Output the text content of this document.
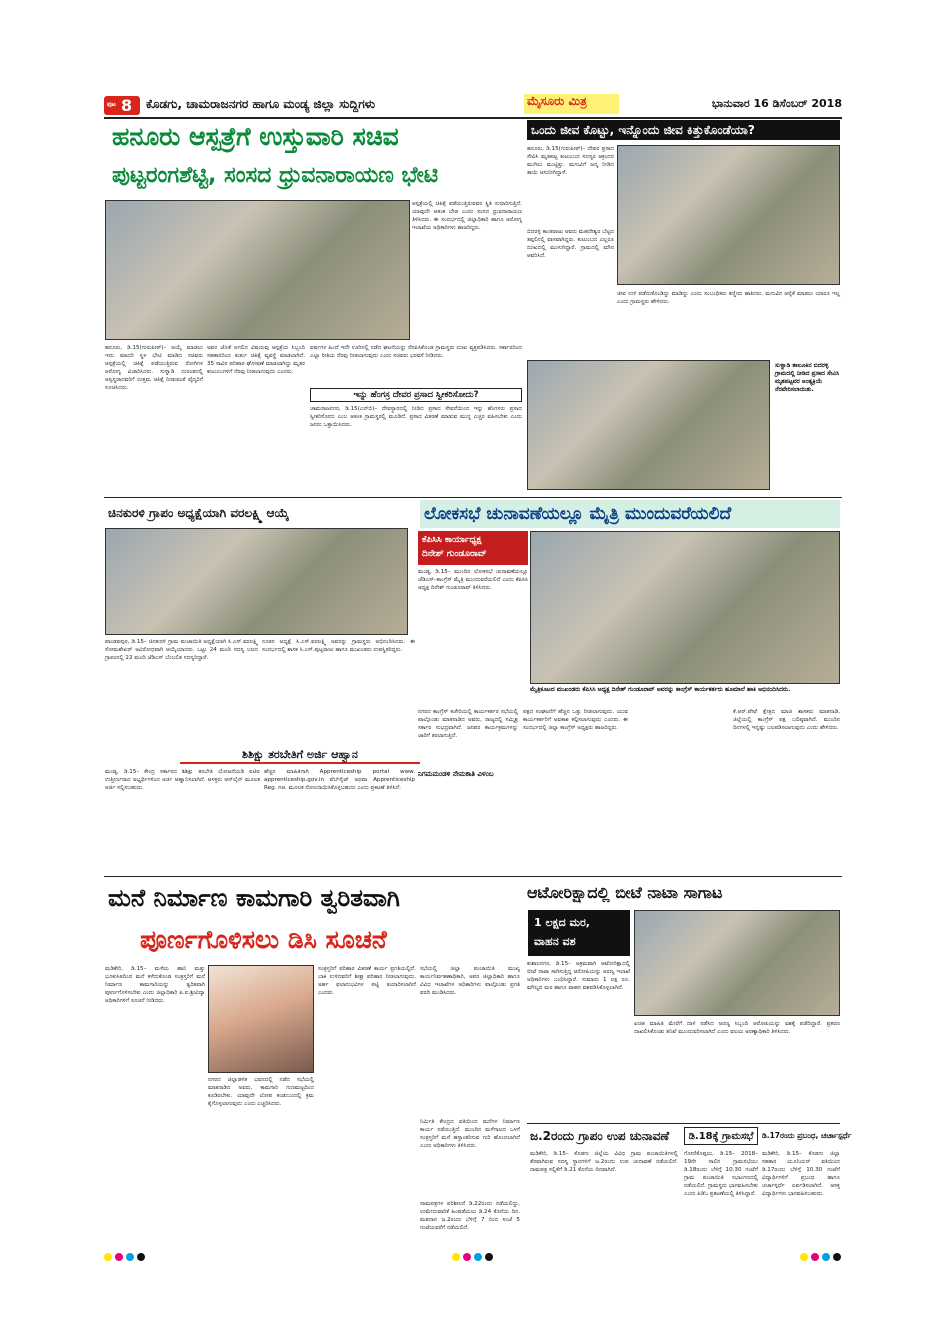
ಪುಟ 8 ಕೊಡಗು, ಚಾಮರಾಜನಗರ ಹಾಗೂ ಮಂಡ್ಯ ಜಿಲ್ಲಾ ಸುದ್ದಿಗಳು	ಮೈಸೂರು ಮಿತ್ರ	ಭಾನುವಾರ 16 ಡಿಸೆಂಬರ್ 2018
ಹನೂರು ಆಸ್ಪತ್ರೆಗೆ ಉಸ್ತುವಾರಿ ಸಚಿವ
ಪುಟ್ಟರಂಗಶೆಟ್ಟಿ, ಸಂಸದ ಧ್ರುವನಾರಾಯಣ ಭೇಟಿ
ಹನೂರು, ಡಿ.15(ಗುರುಪೀಠ್‌)– ಆಯ್ಕೆ ಮಾಡಲು ಇದು ಮಾದರಿ ಸ್ಥಳ ಭೇಟಿ ಮಾಡಿದ ಸಚಿವರು ಆಸ್ಪತ್ರೆಯಲ್ಲಿ ಚಿಕಿತ್ಸೆ ಪಡೆಯುತ್ತಿರುವ ರೋಗಿಗಳ ಆರೋಗ್ಯ ವಿಚಾರಿಸಿದರು. ಸುಳ್ವಾಡಿ ದುರಂತದಲ್ಲಿ ಅಸ್ವಸ್ಥರಾದವರಿಗೆ ಉತ್ತಮ ಚಿಕಿತ್ಸೆ ನೀಡುವಂತೆ ವೈದ್ಯರಿಗೆ ಸೂಚಿಸಿದರು.
ಅವರ ಜೊತೆ ಅಗಲಿದ ವಿಷಯವು ಆಸ್ಪತ್ರೆಯ ಸಿಬ್ಬಂದಿ ಸಹಕಾರದಿಂದ ತುರ್ತು ಚಿಕಿತ್ಸೆ ವ್ಯವಸ್ಥೆ ಮಾಡಲಾಗಿದೆ. 35 ಸಾವಿರ ಪರಿಹಾರ ಘೋಷಣೆ ಮಾಡಲಾಗಿದ್ದು ಮೃತರ ಕುಟುಂಬಗಳಿಗೆ ನೆರವು ನೀಡಲಾಗುವುದು ಎಂದರು.
ಆಸ್ಪತ್ರೆಯಲ್ಲಿ ಚಿಕಿತ್ಸೆ ಪಡೆಯುತ್ತಿರುವವರ ಸ್ಥಿತಿ ಸುಧಾರಿಸುತ್ತಿದೆ. ಯಾವುದೇ ಆತಂಕ ಬೇಡ ಎಂದು ಸಂಸದ ಧ್ರುವನಾರಾಯಣ ತಿಳಿಸಿದರು. ಈ ಸಂದರ್ಭದಲ್ಲಿ ಜಿಲ್ಲಾಧಿಕಾರಿ ಹಾಗೂ ಆರೋಗ್ಯ ಇಲಾಖೆಯ ಅಧಿಕಾರಿಗಳು ಹಾಜರಿದ್ದರು.
ವರ್ಷಗಳ ಹಿಂದೆ ಇದೇ ಊರಿನಲ್ಲಿ ನಡೆದ ಘಟನೆಯನ್ನು ನೆನಪಿಸಿಕೊಂಡ ಗ್ರಾಮಸ್ಥರು ದುಃಖ ವ್ಯಕ್ತಪಡಿಸಿದರು. ಸರ್ಕಾರದಿಂದ ಎಲ್ಲಾ ರೀತಿಯ ನೆರವು ನೀಡಲಾಗುವುದು ಎಂದು ಸಚಿವರು ಭರವಸೆ ನೀಡಿದರು.
ಇನ್ನು ಹೆಂಗಸ್ರ ದೇವರ ಪ್ರಸಾದ ಸ್ವೀಕರಿಸೋದು?
ಚಾಮರಾಜನಗರ, ಡಿ.15(ಎನ್‌ಬಿ)– ದೇವಸ್ಥಾನದಲ್ಲಿ ನೀಡಿದ ಪ್ರಸಾದ ಸೇವನೆಯಿಂದ ಇನ್ನು ಹೆಂಗಸರು ಪ್ರಸಾದ ಸ್ವೀಕರಿಸೋದು ಎಂಬ ಆತಂಕ ಗ್ರಾಮಸ್ಥರಲ್ಲಿ ಮೂಡಿದೆ. ಪ್ರಸಾದ ವಿತರಣೆ ಮಾಡುವ ಮುನ್ನ ಎಚ್ಚರ ವಹಿಸಬೇಕು ಎಂದು ಜನರು ಒತ್ತಾಯಿಸಿದರು.
ಒಂದು ಜೀವ ಕೊಟ್ಟು, ಇನ್ನೊಂದು ಜೀವ ಕಿತ್ತುಕೊಂಡೆಯಾ?
ಹನೂರು, ಡಿ.15(ಗುರುಪೀಠ್‌)– ದೇವರ ಪ್ರಸಾದ ಸೇವಿಸಿ ಮೃತಪಟ್ಟ ಕುಟುಂಬದ ಸದಸ್ಯರ ಆಕ್ರಂದನ ಮುಗಿಲು ಮುಟ್ಟಿತ್ತು. ಮಗುವಿಗೆ ಜನ್ಮ ನೀಡಿದ ತಾಯಿ ಅಸುನೀಗಿದ್ದಾಳೆ.
ಬಿದರಳ್ಳಿ ಕಾಂತರಾಜು ಅವರು ಮಹದೇಶ್ವರ ಬೆಟ್ಟದ ತಪ್ಪಲಿನಲ್ಲಿ ವಾಸವಾಗಿದ್ದರು. ಕುಟುಂಬದ ಎಲ್ಲರೂ ದುಃಖದಲ್ಲಿ ಮುಳುಗಿದ್ದಾರೆ. ಗ್ರಾಮದಲ್ಲಿ ಮೌನ ಆವರಿಸಿದೆ.
ಜೀವ ಉಳಿ ಪಡೆದುಕೊಂಡಿದ್ದು ಮಾಡಿದ್ದು ಎಂದು ಸಂಬಂಧಿಕರು ಕಣ್ಣೀರು ಹಾಕಿದರು. ಮಗುವಿನ ಆರೈಕೆ ಮಾಡಲು ಯಾರೂ ಇಲ್ಲ ಎಂದು ಗ್ರಾಮಸ್ಥರು ಹೇಳಿದರು.
ಸುಳ್ವಾಡಿ ತಾಲೂಕಿನ ಬಿದರಳ್ಳಿ ಗ್ರಾಮದಲ್ಲಿ ನೀಡಿದ ಪ್ರಸಾದ ಸೇವಿಸಿ ಮೃತಪಟ್ಟವರ ಅಂತ್ಯಕ್ರಿಯೆ ನೆರವೇರಿಸಲಾಯಿತು.
ಚಿನಕುರಳಿ ಗ್ರಾಪಂ ಅಧ್ಯಕ್ಷೆಯಾಗಿ ವರಲಕ್ಷ್ಮಿ ಆಯ್ಕೆ
ಪಾಂಡವಪುರ, ಡಿ.15– ಚಿನಕುರಳಿ ಗ್ರಾಮ ಪಂಚಾಯಿತಿ ಅಧ್ಯಕ್ಷೆಯಾಗಿ ಸಿ.ಎಸ್.ವರಲಕ್ಷ್ಮಿ ಸೋಮಶೇಖರ್ ಅವಿರೋಧವಾಗಿ ಆಯ್ಕೆಯಾದರು. ಒಟ್ಟು 24 ಮಂದಿ ಸದಸ್ಯ ಬಲದ ಗ್ರಾಪಂನಲ್ಲಿ 22 ಮಂದಿ ಜೆಡಿಎಸ್ ಬೆಂಬಲಿತ ಸದಸ್ಯರಿದ್ದಾರೆ.
ನೂತನ ಅಧ್ಯಕ್ಷೆ ಸಿ.ಎಸ್.ವರಲಕ್ಷ್ಮಿ ಅವರನ್ನು ಗ್ರಾಮಸ್ಥರು ಅಭಿನಂದಿಸಿದರು. ಈ ಸಂದರ್ಭದಲ್ಲಿ ಶಾಸಕ ಸಿ.ಎಸ್.ಪುಟ್ಟರಾಜು ಹಾಗೂ ಮುಖಂಡರು ಉಪಸ್ಥಿತರಿದ್ದರು.
ಲೋಕಸಭೆ ಚುನಾವಣೆಯಲ್ಲೂ ಮೈತ್ರಿ ಮುಂದುವರೆಯಲಿದೆ
ಕೆಪಿಸಿಸಿ ಕಾರ್ಯಾಧ್ಯಕ್ಷ
ದಿನೇಶ್ ಗುಂಡೂರಾವ್
ಮಂಡ್ಯ, ಡಿ.15– ಮುಂದಿನ ಲೋಕಸಭೆ ಚುನಾವಣೆಯಲ್ಲೂ ಜೆಡಿಎಸ್–ಕಾಂಗ್ರೆಸ್ ಮೈತ್ರಿ ಮುಂದುವರೆಯಲಿದೆ ಎಂದು ಕೆಪಿಸಿಸಿ ಅಧ್ಯಕ್ಷ ದಿನೇಶ್ ಗುಂಡೂರಾವ್ ತಿಳಿಸಿದರು.
ಮೈತ್ರಿಕೂಟದ ಮುಖಂಡರು ಕೆಪಿಸಿಸಿ ಅಧ್ಯಕ್ಷ ದಿನೇಶ್ ಗುಂಡೂರಾವ್ ಅವರನ್ನು ಕಾಂಗ್ರೆಸ್ ಕಾರ್ಯಕರ್ತರು ಹೂಮಾಲೆ ಹಾಕಿ ಅಭಿನಂದಿಸಿದರು.
ನಗರದ ಕಾಂಗ್ರೆಸ್ ಕಚೇರಿಯಲ್ಲಿ ಕಾರ್ಯಕರ್ತರ ಸಭೆಯಲ್ಲಿ ಪಾಲ್ಗೊಂಡು ಮಾತನಾಡಿದ ಅವರು, ರಾಜ್ಯದಲ್ಲಿ ಸಮ್ಮಿಶ್ರ ಸರ್ಕಾರ ಸುಭದ್ರವಾಗಿದೆ. ಜನಪರ ಕಾರ್ಯಕ್ರಮಗಳನ್ನು ಜಾರಿಗೆ ತರಲಾಗುತ್ತಿದೆ.
ನಿಗಮಮಂಡಳಿ ನೇಮಕಾತಿ ವಿಳಂಬ
ಪಕ್ಷದ ಸಂಘಟನೆಗೆ ಹೆಚ್ಚಿನ ಒತ್ತು ನೀಡಲಾಗುವುದು. ಯುವ ಕಾರ್ಯಕರ್ತರಿಗೆ ಅವಕಾಶ ಕಲ್ಪಿಸಲಾಗುವುದು ಎಂದರು. ಈ ಸಂದರ್ಭದಲ್ಲಿ ಜಿಲ್ಲಾ ಕಾಂಗ್ರೆಸ್ ಅಧ್ಯಕ್ಷರು ಹಾಜರಿದ್ದರು.
ಕೆ.ಆರ್.ಪೇಟೆ ಕ್ಷೇತ್ರದ ಮಾಜಿ ಶಾಸಕರು ಮಾತನಾಡಿ, ಜಿಲ್ಲೆಯಲ್ಲಿ ಕಾಂಗ್ರೆಸ್ ಪಕ್ಷ ಬಲಿಷ್ಠವಾಗಿದೆ. ಮುಂದಿನ ದಿನಗಳಲ್ಲಿ ಇನ್ನಷ್ಟು ಬಲಪಡಿಸಲಾಗುವುದು ಎಂದು ಹೇಳಿದರು.
ಶಿಶಿಕ್ಷು ತರಬೇತಿಗೆ ಅರ್ಜಿ ಆಹ್ವಾನ
ಮಂಡ್ಯ, ಡಿ.15– ಕೇಂದ್ರ ಸರ್ಕಾರದ ಶಿಶಿಕ್ಷು ತರಬೇತಿ ಯೋಜನೆಯಡಿ ಐಟಿಐ ಉತ್ತೀರ್ಣರಾದ ಅಭ್ಯರ್ಥಿಗಳಿಂದ ಅರ್ಜಿ ಆಹ್ವಾನಿಸಲಾಗಿದೆ. ಆಸಕ್ತರು ಆನ್‌ಲೈನ್ ಮೂಲಕ ಅರ್ಜಿ ಸಲ್ಲಿಸಬಹುದು.
ಹೆಚ್ಚಿನ ಮಾಹಿತಿಗಾಗಿ Apprenticeship portal www. apprenticeship.gov.in ವೆಬ್‌ಸೈಟ್ ಅಥವಾ Apprenticeship Reg. no. ಮೂಲಕ ನೋಂದಾಯಿಸಿಕೊಳ್ಳಬಹುದು ಎಂದು ಪ್ರಕಟಣೆ ತಿಳಿಸಿದೆ.
ಮನೆ ನಿರ್ಮಾಣ ಕಾಮಗಾರಿ ತ್ವರಿತವಾಗಿ
ಪೂರ್ಣಗೊಳಿಸಲು ಡಿಸಿ ಸೂಚನೆ
ಮಡಿಕೇರಿ, ಡಿ.15– ಮಳೆಯ ಹಾನಿ ಮತ್ತು ಭೂಕುಸಿತದಿಂದ ಮನೆ ಕಳೆದುಕೊಂಡ ಸಂತ್ರಸ್ತರಿಗೆ ಮನೆ ನಿರ್ಮಾಣ ಕಾಮಗಾರಿಯನ್ನು ತ್ವರಿತವಾಗಿ ಪೂರ್ಣಗೊಳಿಸಬೇಕು ಎಂದು ಜಿಲ್ಲಾಧಿಕಾರಿ ಪಿ.ಐ.ಶ್ರೀವಿದ್ಯಾ ಅಧಿಕಾರಿಗಳಿಗೆ ಸೂಚನೆ ನೀಡಿದರು.
ನಗರದ ಜಿಲ್ಲಾಡಳಿತ ಭವನದಲ್ಲಿ ನಡೆದ ಸಭೆಯಲ್ಲಿ ಮಾತನಾಡಿದ ಅವರು, ಕಾಮಗಾರಿ ಗುಣಮಟ್ಟದಿಂದ ಕೂಡಿರಬೇಕು. ಯಾವುದೇ ಲೋಪ ಕಂಡುಬಂದಲ್ಲಿ ಕ್ರಮ ಕೈಗೊಳ್ಳಲಾಗುವುದು ಎಂದು ಎಚ್ಚರಿಸಿದರು.
ಸಂತ್ರಸ್ತರಿಗೆ ಪರಿಹಾರ ವಿತರಣೆ ಕಾರ್ಯ ಪ್ರಗತಿಯಲ್ಲಿದೆ. ಬಾಕಿ ಉಳಿದವರಿಗೆ ಶೀಘ್ರ ಪರಿಹಾರ ನೀಡಲಾಗುವುದು. ಅರ್ಹ ಫಲಾನುಭವಿಗಳ ಪಟ್ಟಿ ತಯಾರಿಸಲಾಗಿದೆ ಎಂದರು.
ಸಭೆಯಲ್ಲಿ ಜಿಲ್ಲಾ ಪಂಚಾಯಿತಿ ಮುಖ್ಯ ಕಾರ್ಯನಿರ್ವಹಣಾಧಿಕಾರಿ, ಅಪರ ಜಿಲ್ಲಾಧಿಕಾರಿ ಹಾಗೂ ವಿವಿಧ ಇಲಾಖೆಗಳ ಅಧಿಕಾರಿಗಳು ಪಾಲ್ಗೊಂಡು ಪ್ರಗತಿ ವರದಿ ಮಂಡಿಸಿದರು.
ನಿರ್ಮಿತಿ ಕೇಂದ್ರದ ವತಿಯಿಂದ ಮನೆಗಳ ನಿರ್ಮಾಣ ಕಾರ್ಯ ನಡೆಯುತ್ತಿದೆ. ಮುಂದಿನ ಮಳೆಗಾಲದ ಒಳಗೆ ಸಂತ್ರಸ್ತರಿಗೆ ಮನೆ ಹಸ್ತಾಂತರಿಸುವ ಗುರಿ ಹೊಂದಲಾಗಿದೆ ಎಂದು ಅಧಿಕಾರಿಗಳು ತಿಳಿಸಿದರು.
ಆಟೋರಿಕ್ಷಾದಲ್ಲಿ ಬೀಟೆ ನಾಟಾ ಸಾಗಾಟ
1 ಲಕ್ಷದ ಮರ,
ವಾಹನ ವಶ
ಕುಶಾಲನಗರ, ಡಿ.15– ಅಕ್ರಮವಾಗಿ ಆಟೋರಿಕ್ಷಾದಲ್ಲಿ ಬೀಟೆ ನಾಟಾ ಸಾಗಿಸುತ್ತಿದ್ದ ಆರೋಪಿಯನ್ನು ಅರಣ್ಯ ಇಲಾಖೆ ಅಧಿಕಾರಿಗಳು ಬಂಧಿಸಿದ್ದಾರೆ. ಸುಮಾರು 1 ಲಕ್ಷ ರೂ. ಮೌಲ್ಯದ ಮರ ಹಾಗೂ ವಾಹನ ವಶಪಡಿಸಿಕೊಳ್ಳಲಾಗಿದೆ.
ಖಚಿತ ಮಾಹಿತಿ ಮೇರೆಗೆ ದಾಳಿ ನಡೆಸಿದ ಅರಣ್ಯ ಸಿಬ್ಬಂದಿ ಆರೋಪಿಯನ್ನು ವಶಕ್ಕೆ ಪಡೆದಿದ್ದಾರೆ. ಪ್ರಕರಣ ದಾಖಲಿಸಿಕೊಂಡು ತನಿಖೆ ಮುಂದುವರಿಸಲಾಗಿದೆ ಎಂದು ವಲಯ ಅರಣ್ಯಾಧಿಕಾರಿ ತಿಳಿಸಿದರು.
ಜ.2ರಂದು ಗ್ರಾಪಂ ಉಪ ಚುನಾವಣೆ
ಮಡಿಕೇರಿ, ಡಿ.15– ಕೊಡಗು ಜಿಲ್ಲೆಯ ವಿವಿಧ ಗ್ರಾಮ ಪಂಚಾಯಿತಿಗಳಲ್ಲಿ ತೆರವಾಗಿರುವ ಸದಸ್ಯ ಸ್ಥಾನಗಳಿಗೆ ಜ.2ರಂದು ಉಪ ಚುನಾವಣೆ ನಡೆಯಲಿದೆ. ನಾಮಪತ್ರ ಸಲ್ಲಿಕೆಗೆ ಡಿ.21 ಕೊನೆಯ ದಿನವಾಗಿದೆ.
ನಾಮಪತ್ರಗಳ ಪರಿಶೀಲನೆ ಡಿ.22ರಂದು ನಡೆಯಲಿದ್ದು, ಉಮೇದುವಾರಿಕೆ ಹಿಂಪಡೆಯಲು ಡಿ.24 ಕೊನೆಯ ದಿನ. ಮತದಾನ ಜ.2ರಂದು ಬೆಳಿಗ್ಗೆ 7 ರಿಂದ ಸಂಜೆ 5 ಗಂಟೆಯವರೆಗೆ ನಡೆಯಲಿದೆ.
ಡಿ.18ಕ್ಕೆ ಗ್ರಾಮಸಭೆ
ಗೋಣಿಕೊಪ್ಪಲು, ಡಿ.15– 2018–19ನೇ ಸಾಲಿನ ಗ್ರಾಮಸಭೆಯು ಡಿ.18ರಂದು ಬೆಳಿಗ್ಗೆ 10.30 ಗಂಟೆಗೆ ಗ್ರಾಮ ಪಂಚಾಯಿತಿ ಸಭಾಂಗಣದಲ್ಲಿ ನಡೆಯಲಿದೆ. ಗ್ರಾಮಸ್ಥರು ಭಾಗವಹಿಸಬೇಕು ಎಂದು ಪಿಡಿಓ ಪ್ರಕಟಣೆಯಲ್ಲಿ ತಿಳಿಸಿದ್ದಾರೆ.
ಡಿ.17ರಂದು ಪ್ರಬಂಧ, ಚರ್ಚಾಸ್ಪರ್ಧೆ
ಮಡಿಕೇರಿ, ಡಿ.15– ಕೊಡಗು ಜಿಲ್ಲಾ ಸಹಕಾರ ಯೂನಿಯನ್ ವತಿಯಿಂದ ಡಿ.17ರಂದು ಬೆಳಿಗ್ಗೆ 10.30 ಗಂಟೆಗೆ ವಿದ್ಯಾರ್ಥಿಗಳಿಗೆ ಪ್ರಬಂಧ ಹಾಗೂ ಚರ್ಚಾಸ್ಪರ್ಧೆ ಏರ್ಪಡಿಸಲಾಗಿದೆ. ಆಸಕ್ತ ವಿದ್ಯಾರ್ಥಿಗಳು ಭಾಗವಹಿಸಬಹುದು.
